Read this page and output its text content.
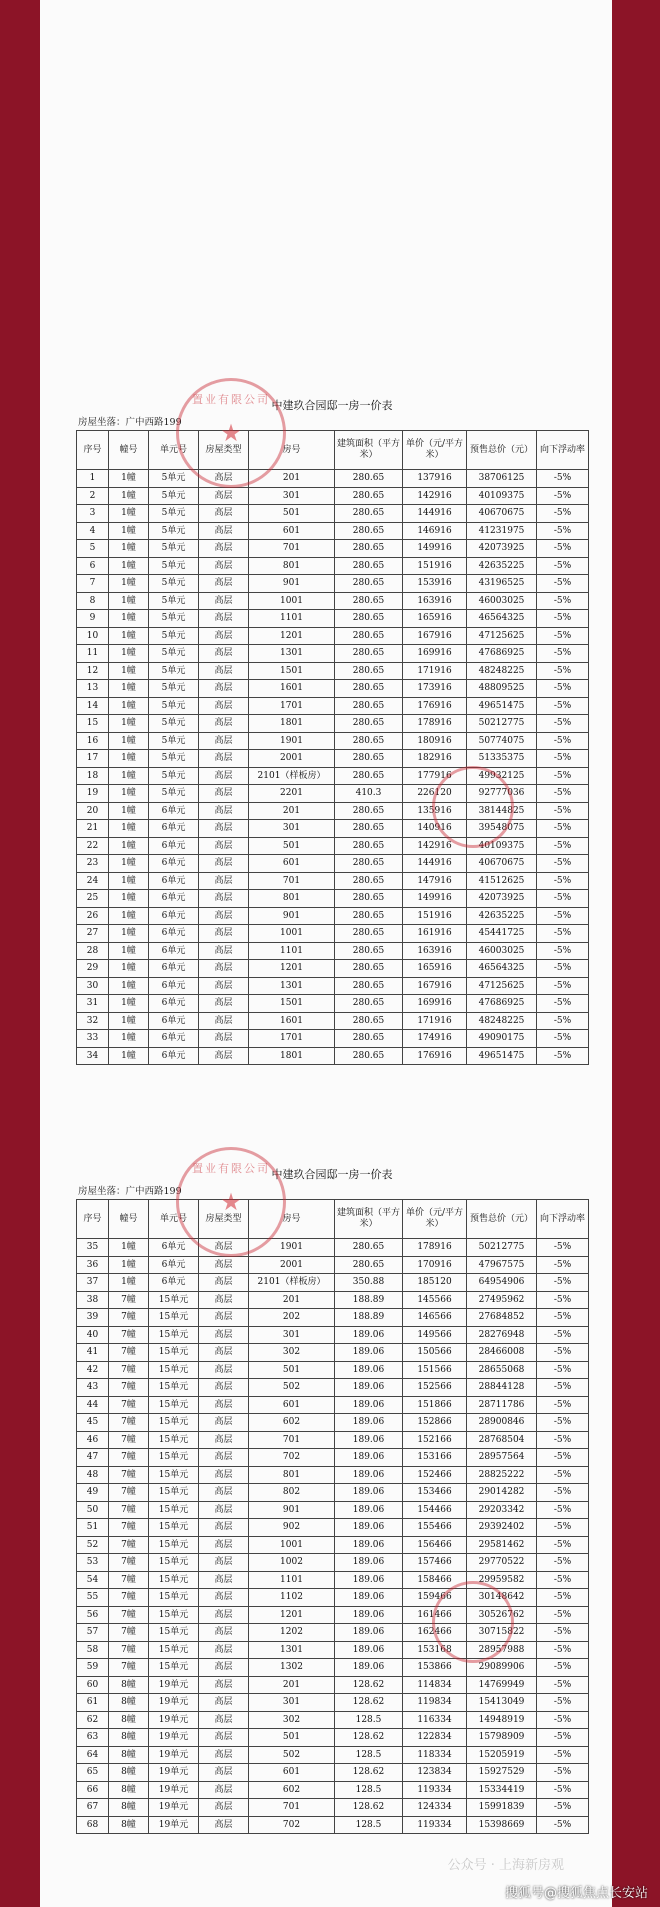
中建玖合园邸一房一价表
房屋坐落：广中西路199
序号	幢号	单元号	房屋类型	房号	建筑面积（平方米）	单价（元/平方米）	预售总价（元）	向下浮动率
1	1幢	5单元	高层	201	280.65	137916	38706125	-5%
2	1幢	5单元	高层	301	280.65	142916	40109375	-5%
3	1幢	5单元	高层	501	280.65	144916	40670675	-5%
4	1幢	5单元	高层	601	280.65	146916	41231975	-5%
5	1幢	5单元	高层	701	280.65	149916	42073925	-5%
6	1幢	5单元	高层	801	280.65	151916	42635225	-5%
7	1幢	5单元	高层	901	280.65	153916	43196525	-5%
8	1幢	5单元	高层	1001	280.65	163916	46003025	-5%
9	1幢	5单元	高层	1101	280.65	165916	46564325	-5%
10	1幢	5单元	高层	1201	280.65	167916	47125625	-5%
11	1幢	5单元	高层	1301	280.65	169916	47686925	-5%
12	1幢	5单元	高层	1501	280.65	171916	48248225	-5%
13	1幢	5单元	高层	1601	280.65	173916	48809525	-5%
14	1幢	5单元	高层	1701	280.65	176916	49651475	-5%
15	1幢	5单元	高层	1801	280.65	178916	50212775	-5%
16	1幢	5单元	高层	1901	280.65	180916	50774075	-5%
17	1幢	5单元	高层	2001	280.65	182916	51335375	-5%
18	1幢	5单元	高层	2101（样板房）	280.65	177916	49932125	-5%
19	1幢	5单元	高层	2201	410.3	226120	92777036	-5%
20	1幢	6单元	高层	201	280.65	135916	38144825	-5%
21	1幢	6单元	高层	301	280.65	140916	39548075	-5%
22	1幢	6单元	高层	501	280.65	142916	40109375	-5%
23	1幢	6单元	高层	601	280.65	144916	40670675	-5%
24	1幢	6单元	高层	701	280.65	147916	41512625	-5%
25	1幢	6单元	高层	801	280.65	149916	42073925	-5%
26	1幢	6单元	高层	901	280.65	151916	42635225	-5%
27	1幢	6单元	高层	1001	280.65	161916	45441725	-5%
28	1幢	6单元	高层	1101	280.65	163916	46003025	-5%
29	1幢	6单元	高层	1201	280.65	165916	46564325	-5%
30	1幢	6单元	高层	1301	280.65	167916	47125625	-5%
31	1幢	6单元	高层	1501	280.65	169916	47686925	-5%
32	1幢	6单元	高层	1601	280.65	171916	48248225	-5%
33	1幢	6单元	高层	1701	280.65	174916	49090175	-5%
34	1幢	6单元	高层	1801	280.65	176916	49651475	-5%
置业有限公司
★
中建玖合园邸一房一价表
房屋坐落：广中西路199
序号	幢号	单元号	房屋类型	房号	建筑面积（平方米）	单价（元/平方米）	预售总价（元）	向下浮动率
35	1幢	6单元	高层	1901	280.65	178916	50212775	-5%
36	1幢	6单元	高层	2001	280.65	170916	47967575	-5%
37	1幢	6单元	高层	2101（样板房）	350.88	185120	64954906	-5%
38	7幢	15单元	高层	201	188.89	145566	27495962	-5%
39	7幢	15单元	高层	202	188.89	146566	27684852	-5%
40	7幢	15单元	高层	301	189.06	149566	28276948	-5%
41	7幢	15单元	高层	302	189.06	150566	28466008	-5%
42	7幢	15单元	高层	501	189.06	151566	28655068	-5%
43	7幢	15单元	高层	502	189.06	152566	28844128	-5%
44	7幢	15单元	高层	601	189.06	151866	28711786	-5%
45	7幢	15单元	高层	602	189.06	152866	28900846	-5%
46	7幢	15单元	高层	701	189.06	152166	28768504	-5%
47	7幢	15单元	高层	702	189.06	153166	28957564	-5%
48	7幢	15单元	高层	801	189.06	152466	28825222	-5%
49	7幢	15单元	高层	802	189.06	153466	29014282	-5%
50	7幢	15单元	高层	901	189.06	154466	29203342	-5%
51	7幢	15单元	高层	902	189.06	155466	29392402	-5%
52	7幢	15单元	高层	1001	189.06	156466	29581462	-5%
53	7幢	15单元	高层	1002	189.06	157466	29770522	-5%
54	7幢	15单元	高层	1101	189.06	158466	29959582	-5%
55	7幢	15单元	高层	1102	189.06	159466	30148642	-5%
56	7幢	15单元	高层	1201	189.06	161466	30526762	-5%
57	7幢	15单元	高层	1202	189.06	162466	30715822	-5%
58	7幢	15单元	高层	1301	189.06	153168	28957988	-5%
59	7幢	15单元	高层	1302	189.06	153866	29089906	-5%
60	8幢	19单元	高层	201	128.62	114834	14769949	-5%
61	8幢	19单元	高层	301	128.62	119834	15413049	-5%
62	8幢	19单元	高层	302	128.5	116334	14948919	-5%
63	8幢	19单元	高层	501	128.62	122834	15798909	-5%
64	8幢	19单元	高层	502	128.5	118334	15205919	-5%
65	8幢	19单元	高层	601	128.62	123834	15927529	-5%
66	8幢	19单元	高层	602	128.5	119334	15334419	-5%
67	8幢	19单元	高层	701	128.62	124334	15991839	-5%
68	8幢	19单元	高层	702	128.5	119334	15398669	-5%
置业有限公司
★
公众号 · 上海新房观
搜狐号@搜狐焦点长安站
